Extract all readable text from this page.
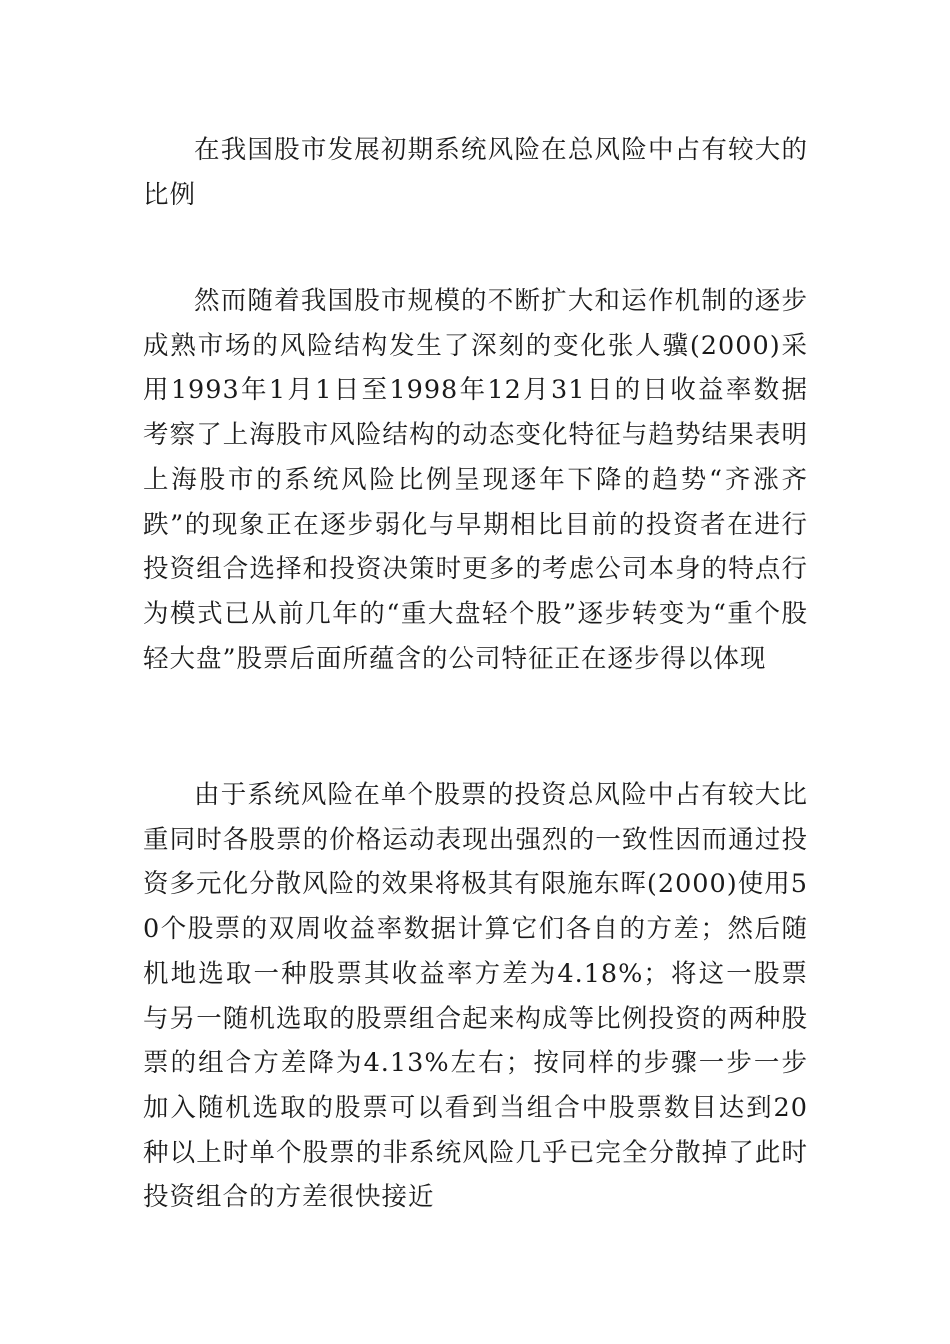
在我国股市发展初期系统风险在总风险中占有较大的比例

然而随着我国股市规模的不断扩大和运作机制的逐步成熟市场的风险结构发生了深刻的变化张人骥(2000)采用1993年1月1日至1998年12月31日的日收益率数据考察了上海股市风险结构的动态变化特征与趋势结果表明上海股市的系统风险比例呈现逐年下降的趋势“齐涨齐跌”的现象正在逐步弱化与早期相比目前的投资者在进行投资组合选择和投资决策时更多的考虑公司本身的特点行为模式已从前几年的“重大盘轻个股”逐步转变为“重个股轻大盘”股票后面所蕴含的公司特征正在逐步得以体现

由于系统风险在单个股票的投资总风险中占有较大比重同时各股票的价格运动表现出强烈的一致性因而通过投资多元化分散风险的效果将极其有限施东晖(2000)使用50个股票的双周收益率数据计算它们各自的方差；然后随机地选取一种股票其收益率方差为4.18%；将这一股票与另一随机选取的股票组合起来构成等比例投资的两种股票的组合方差降为4.13%左右；按同样的步骤一步一步加入随机选取的股票可以看到当组合中股票数目达到20种以上时单个股票的非系统风险几乎已完全分散掉了此时投资组合的方差很快接近
